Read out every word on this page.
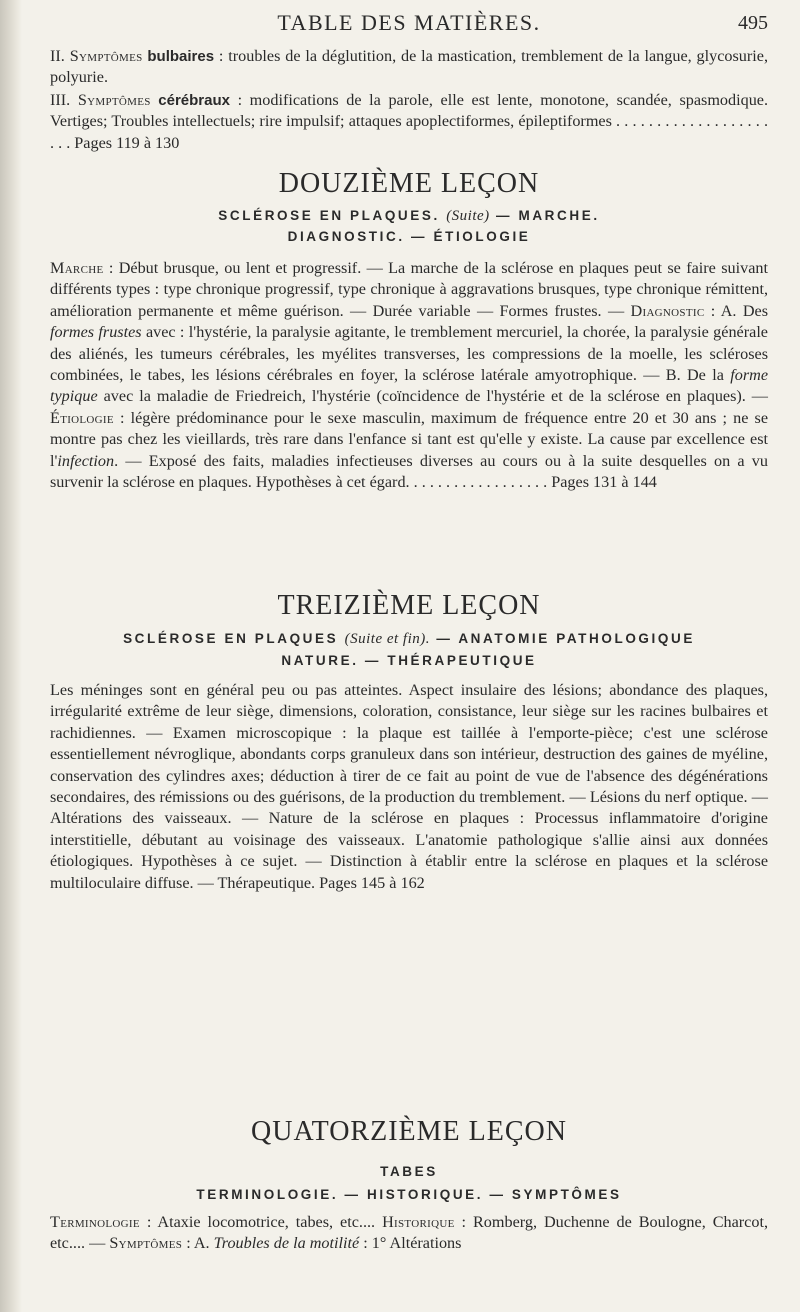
TABLE DES MATIÈRES.	495

II. Symptômes bulbaires : troubles de la déglutition, de la mastication, tremblement de la langue, glycosurie, polyurie.

III. Symptômes cérébraux : modifications de la parole, elle est lente, monotone, scandée, spasmodique. Vertiges; Troubles intellectuels; rire impulsif; attaques apoplectiformes, épileptiformes . . . . . . . . . . . . . . . . . . . . . . Pages 119 à 130

DOUZIÈME LEÇON
SCLÉROSE EN PLAQUES. (Suite) — MARCHE.
DIAGNOSTIC. — ÉTIOLOGIE

Marche : Début brusque, ou lent et progressif. — La marche de la sclérose en plaques peut se faire suivant différents types : type chronique progressif, type chronique à aggravations brusques, type chronique rémittent, amélioration permanente et même guérison. — Durée variable — Formes frustes. — Diagnostic : A. Des formes frustes avec : l'hystérie, la paralysie agitante, le tremblement mercuriel, la chorée, la paralysie générale des aliénés, les tumeurs cérébrales, les myélites transverses, les compressions de la moelle, les scléroses combinées, le tabes, les lésions cérébrales en foyer, la sclérose latérale amyotrophique. — B. De la forme typique avec la maladie de Friedreich, l'hystérie (coïncidence de l'hystérie et de la sclérose en plaques). — Étiologie : légère prédominance pour le sexe masculin, maximum de fréquence entre 20 et 30 ans ; ne se montre pas chez les vieillards, très rare dans l'enfance si tant est qu'elle y existe. La cause par excellence est l'infection. — Exposé des faits, maladies infectieuses diverses au cours ou à la suite desquelles on a vu survenir la sclérose en plaques. Hypothèses à cet égard. . . . . . . . . . . . . . . . . . Pages 131 à 144

TREIZIÈME LEÇON
SCLÉROSE EN PLAQUES (Suite et fin). — ANATOMIE PATHOLOGIQUE
NATURE. — THÉRAPEUTIQUE

Les méninges sont en général peu ou pas atteintes. Aspect insulaire des lésions; abondance des plaques, irrégularité extrême de leur siège, dimensions, coloration, consistance, leur siège sur les racines bulbaires et rachidiennes. — Examen microscopique : la plaque est taillée à l'emporte-pièce; c'est une sclérose essentiellement névroglique, abondants corps granuleux dans son intérieur, destruction des gaines de myéline, conservation des cylindres axes; déduction à tirer de ce fait au point de vue de l'absence des dégénérations secondaires, des rémissions ou des guérisons, de la production du tremblement. — Lésions du nerf optique. — Altérations des vaisseaux. — Nature de la sclérose en plaques : Processus inflammatoire d'origine interstitielle, débutant au voisinage des vaisseaux. L'anatomie pathologique s'allie ainsi aux données étiologiques. Hypothèses à ce sujet. — Distinction à établir entre la sclérose en plaques et la sclérose multiloculaire diffuse. — Thérapeutique. Pages 145 à 162

QUATORZIÈME LEÇON
TABES
TERMINOLOGIE. — HISTORIQUE. — SYMPTÔMES

Terminologie : Ataxie locomotrice, tabes, etc.... Historique : Romberg, Duchenne de Boulogne, Charcot, etc.... — Symptômes : A. Troubles de la motilité : 1° Altérations
